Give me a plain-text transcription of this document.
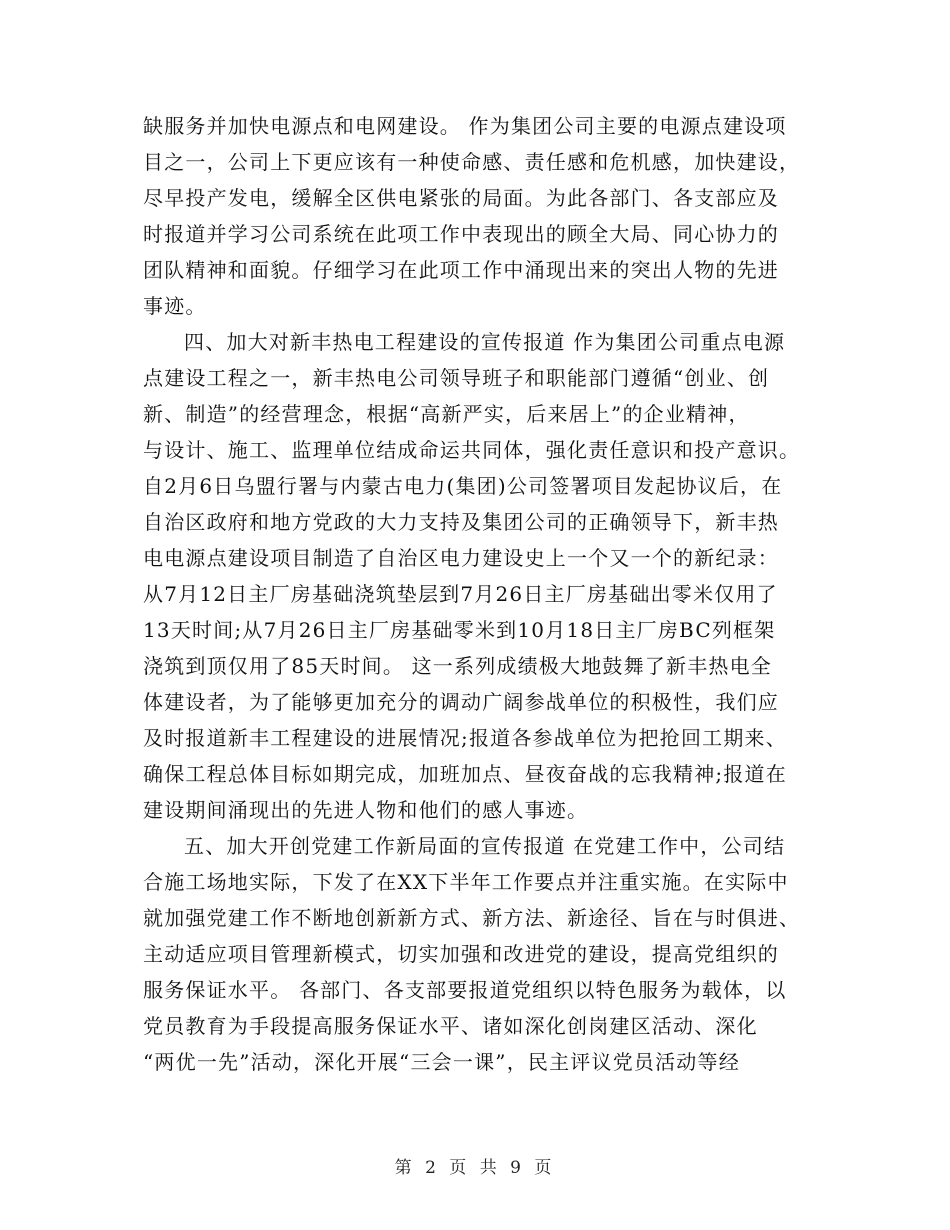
缺服务并加快电源点和电网建设。 作为集团公司主要的电源点建设项
目之一，公司上下更应该有一种使命感、责任感和危机感，加快建设，
尽早投产发电，缓解全区供电紧张的局面。为此各部门、各支部应及
时报道并学习公司系统在此项工作中表现出的顾全大局、同心协力的
团队精神和面貌。仔细学习在此项工作中涌现出来的突出人物的先进
事迹。
四、加大对新丰热电工程建设的宣传报道 作为集团公司重点电源
点建设工程之一，新丰热电公司领导班子和职能部门遵循“创业、创
新、制造”的经营理念，根据“高新严实，后来居上”的企业精神，
与设计、施工、监理单位结成命运共同体，强化责任意识和投产意识。
自2月6日乌盟行署与内蒙古电力(集团)公司签署项目发起协议后，在
自治区政府和地方党政的大力支持及集团公司的正确领导下，新丰热
电电源点建设项目制造了自治区电力建设史上一个又一个的新纪录：
从7月12日主厂房基础浇筑垫层到7月26日主厂房基础出零米仅用了
13天时间;从7月26日主厂房基础零米到10月18日主厂房BC列框架
浇筑到顶仅用了85天时间。 这一系列成绩极大地鼓舞了新丰热电全
体建设者，为了能够更加充分的调动广阔参战单位的积极性，我们应
及时报道新丰工程建设的进展情况;报道各参战单位为把抢回工期来、
确保工程总体目标如期完成，加班加点、昼夜奋战的忘我精神;报道在
建设期间涌现出的先进人物和他们的感人事迹。
五、加大开创党建工作新局面的宣传报道 在党建工作中，公司结
合施工场地实际，下发了在XX下半年工作要点并注重实施。在实际中
就加强党建工作不断地创新新方式、新方法、新途径、旨在与时俱进、
主动适应项目管理新模式，切实加强和改进党的建设，提高党组织的
服务保证水平。 各部门、各支部要报道党组织以特色服务为载体，以
党员教育为手段提高服务保证水平、诸如深化创岗建区活动、深化
“两优一先”活动，深化开展“三会一课”，民主评议党员活动等经
第 2 页 共 9 页
